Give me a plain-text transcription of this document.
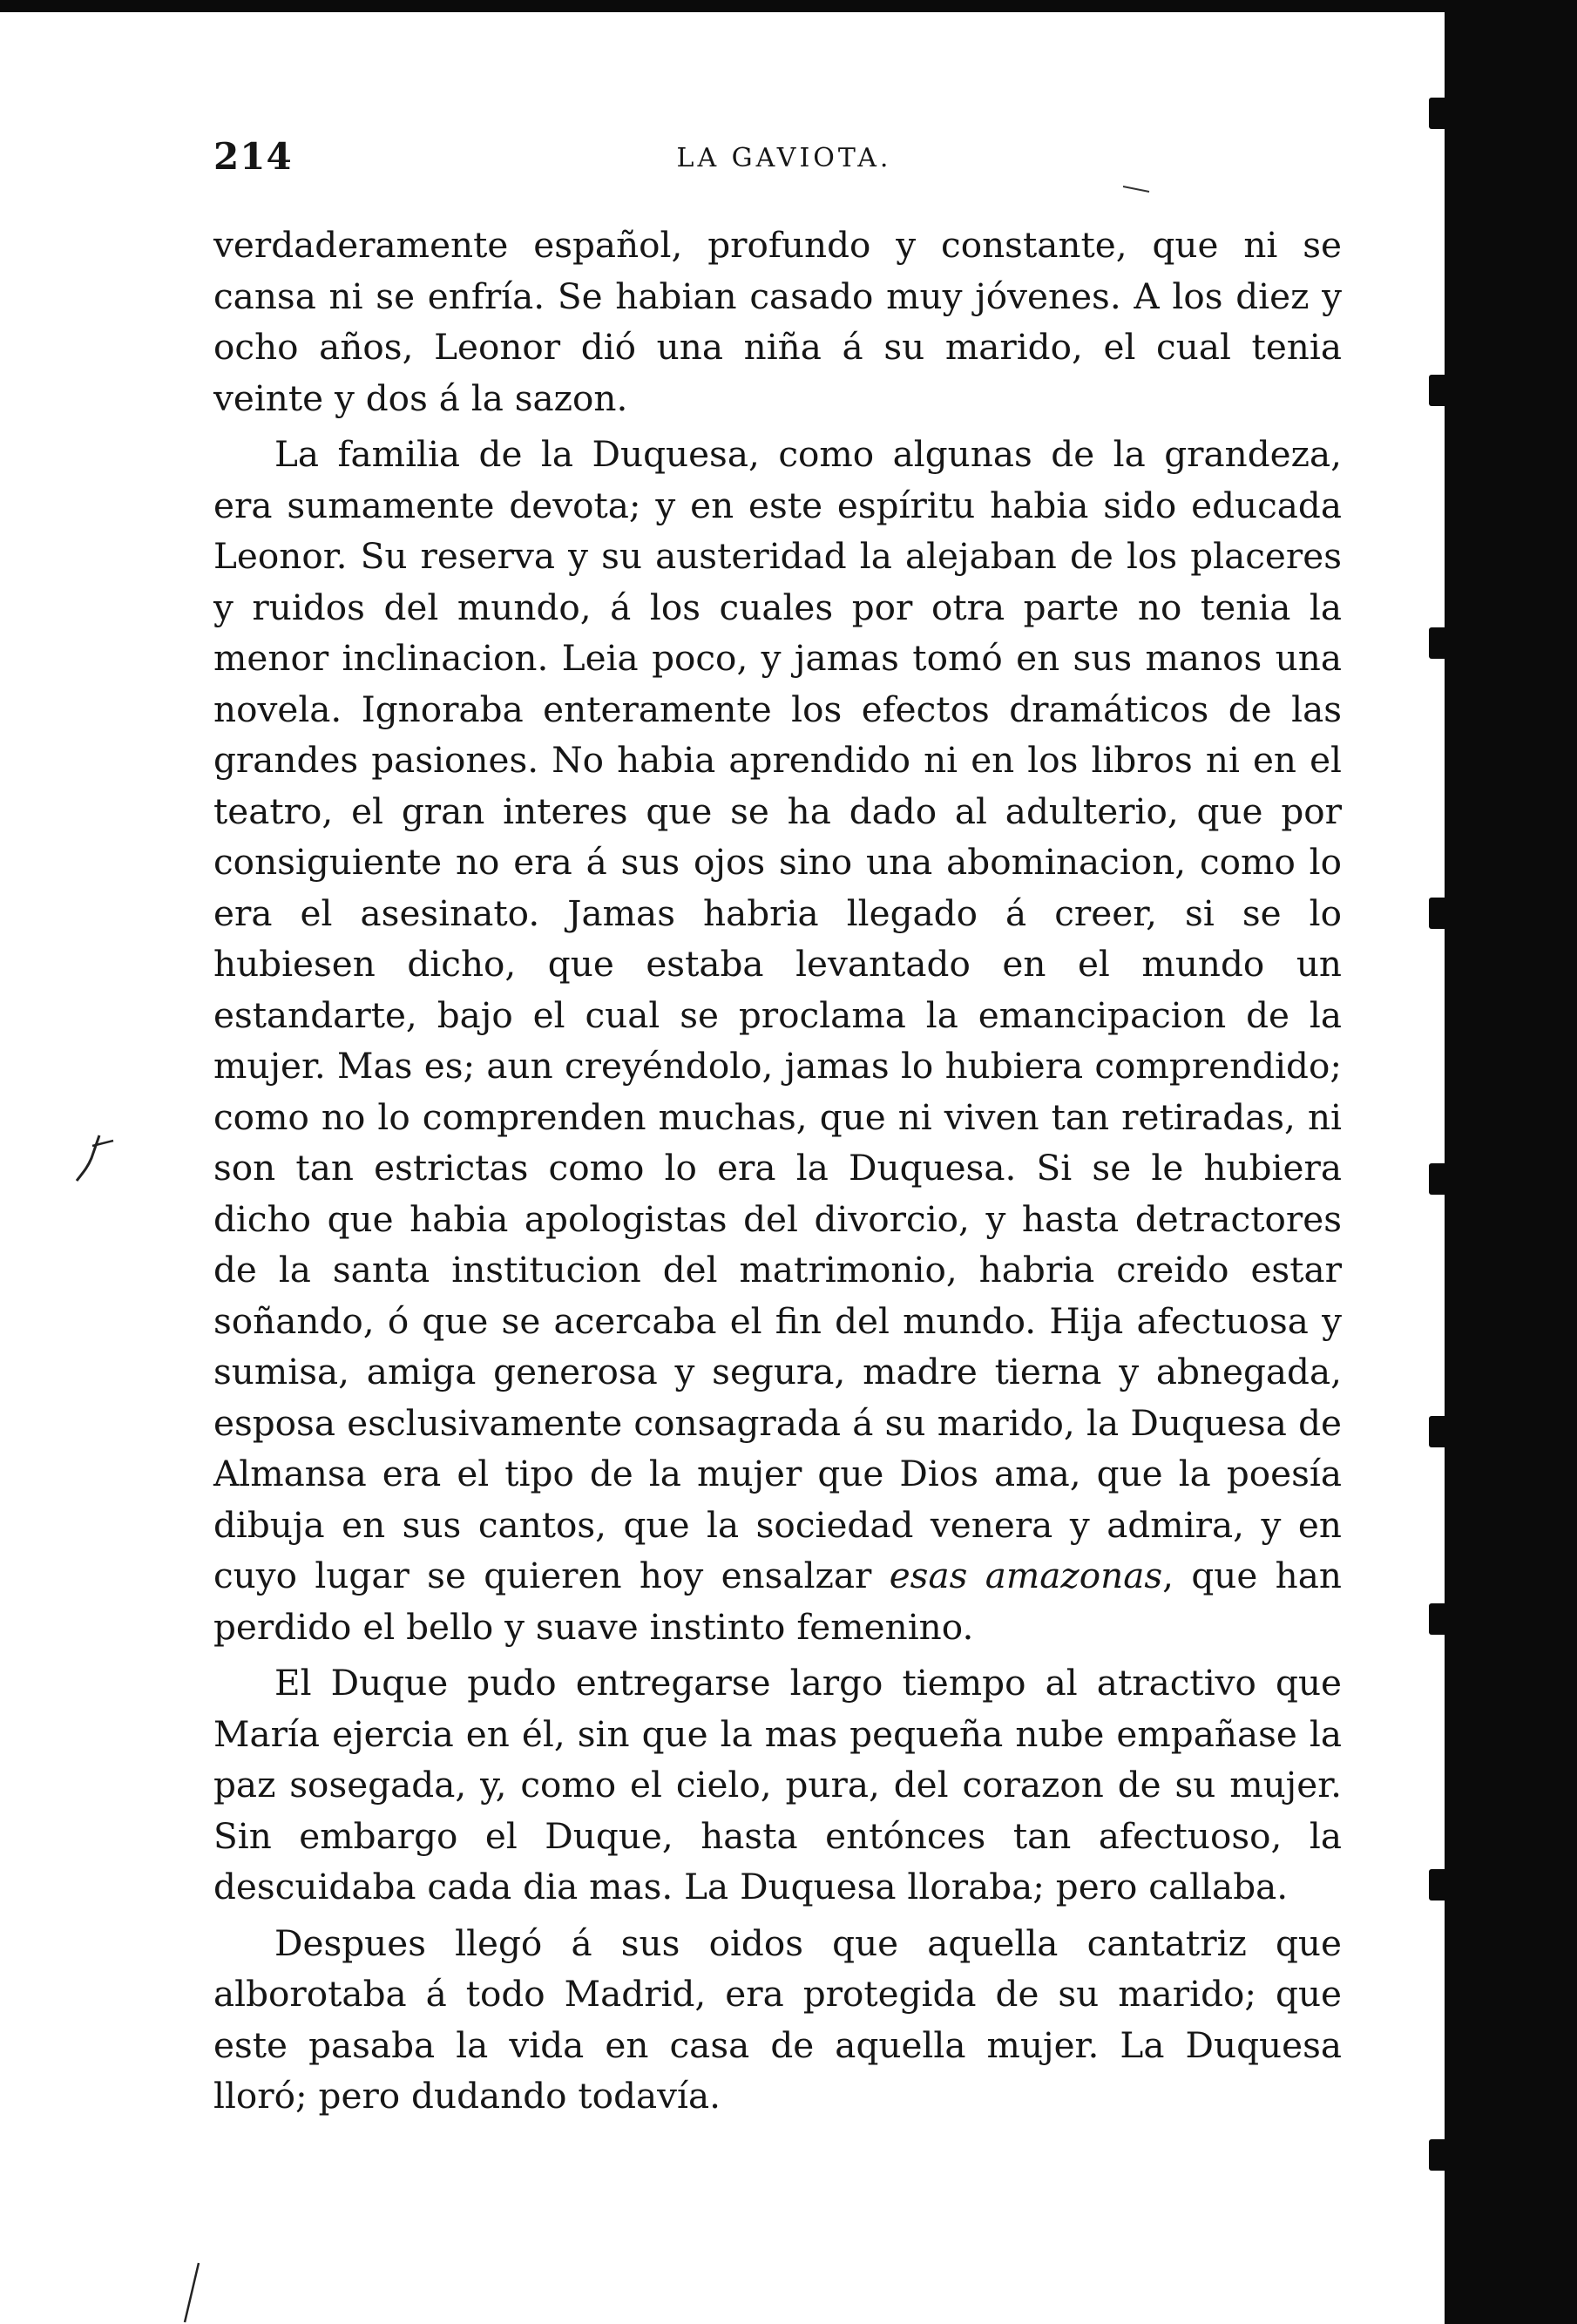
214	LA GAVIOTA.

verdaderamente español, profundo y constante, que ni se cansa ni se enfría. Se habian casado muy jóvenes. A los diez y ocho años, Leonor dió una niña á su marido, el cual tenia veinte y dos á la sazon.

La familia de la Duquesa, como algunas de la grandeza, era sumamente devota; y en este espíritu habia sido educada Leonor. Su reserva y su austeridad la alejaban de los placeres y ruidos del mundo, á los cuales por otra parte no tenia la menor inclinacion. Leia poco, y jamas tomó en sus manos una novela. Ignoraba enteramente los efectos dramáticos de las grandes pasiones. No habia aprendido ni en los libros ni en el teatro, el gran interes que se ha dado al adulterio, que por consiguiente no era á sus ojos sino una abominacion, como lo era el asesinato. Jamas habria llegado á creer, si se lo hubiesen dicho, que estaba levantado en el mundo un estandarte, bajo el cual se proclama la emancipacion de la mujer. Mas es; aun creyéndolo, jamas lo hubiera comprendido; como no lo comprenden muchas, que ni viven tan retiradas, ni son tan estrictas como lo era la Duquesa. Si se le hubiera dicho que habia apologistas del divorcio, y hasta detractores de la santa institucion del matrimonio, habria creido estar soñando, ó que se acercaba el fin del mundo. Hija afectuosa y sumisa, amiga generosa y segura, madre tierna y abnegada, esposa esclusivamente consagrada á su marido, la Duquesa de Almansa era el tipo de la mujer que Dios ama, que la poesía dibuja en sus cantos, que la sociedad venera y admira, y en cuyo lugar se quieren hoy ensalzar esas amazonas, que han perdido el bello y suave instinto femenino.

El Duque pudo entregarse largo tiempo al atractivo que María ejercia en él, sin que la mas pequeña nube empañase la paz sosegada, y, como el cielo, pura, del corazon de su mujer. Sin embargo el Duque, hasta entónces tan afectuoso, la descuidaba cada dia mas. La Duquesa lloraba; pero callaba.

Despues llegó á sus oidos que aquella cantatriz que alborotaba á todo Madrid, era protegida de su marido; que este pasaba la vida en casa de aquella mujer. La Duquesa lloró; pero dudando todavía.
